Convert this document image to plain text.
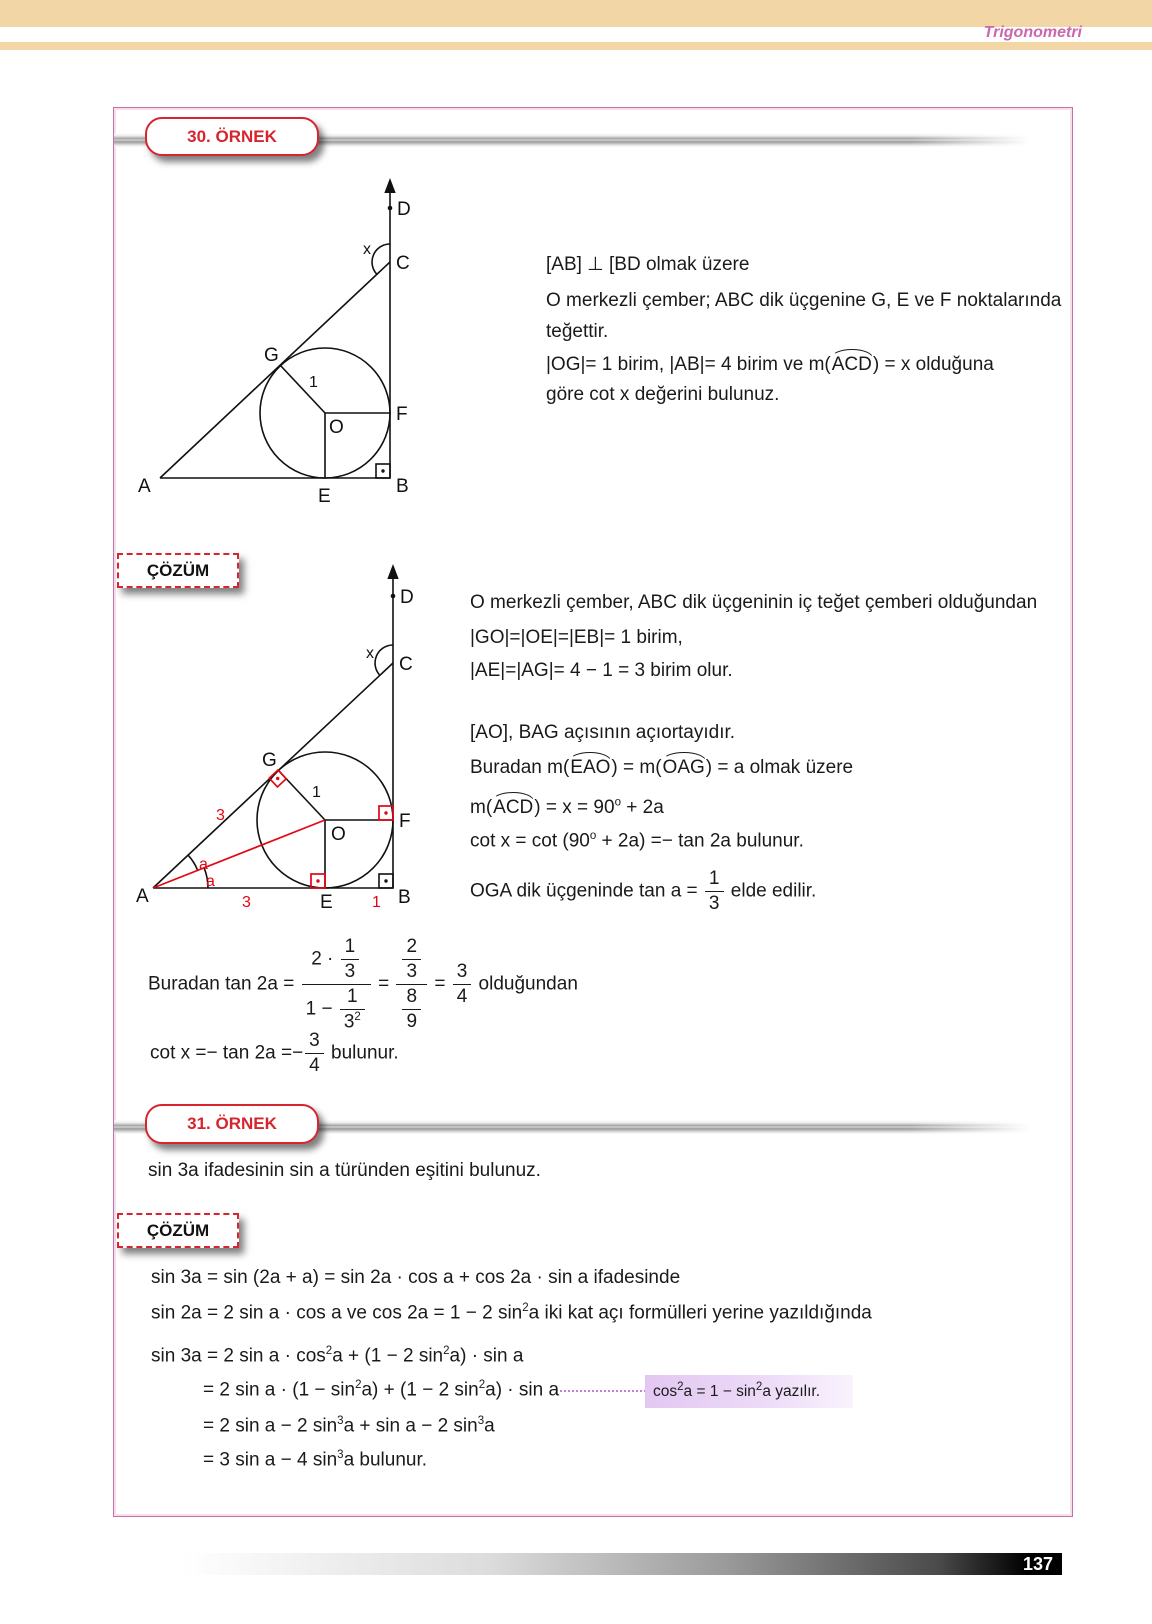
Trigonometri
30. ÖRNEK
D
C
x
G
1
O
F
A	B
E
[AB] ⊥ [BD olmak üzere
O merkezli çember; ABC dik üçgenine G, E ve F noktalarında
teğettir.
|OG|= 1 birim, |AB|= 4 birim ve m(ACD) = x olduğuna
göre cot x değerini bulunuz.
ÇÖZÜM
D
C
x
G
1
O
F
A	B
E
a
a
3
3	1
O merkezli çember, ABC dik üçgeninin iç teğet çemberi olduğundan
|GO|=|OE|=|EB|= 1 birim,
|AE|=|AG|= 4 − 1 = 3 birim olur.
[AO], BAG açısının açıortayıdır.
Buradan m(EAO) = m(OAG) = a olmak üzere
$m(ACD) = x = 90^o + 2a$
$\cot x = \cot (90^o + 2a) =- \tan 2a$ bulunur.
OGA dik üçgeninde $\tan a = \frac{1}{3}$ elde edilir.
Buradan $\tan 2a = \frac{2 \cdot \frac{1}{3}}{1 - \frac{1}{3^2}} = \frac{\frac{2}{3}}{\frac{8}{9}} = \frac{3}{4}$ olduğundan
$\cot x =- \tan 2a =- \frac{3}{4}$ bulunur.
31. ÖRNEK
sin 3a ifadesinin sin a türünden eşitini bulunuz.
ÇÖZÜM
sin 3a = sin (2a + a) = sin 2a · cos a + cos 2a · sin a ifadesinde
sin 2a = 2 sin a · cos a ve cos 2a = 1 − 2 $\sin^2a$ iki kat açı formülleri yerine yazıldığında
sin 3a = 2 $\sin a \cdot \cos^2a + (1 - 2$ $\sin^2a) \cdot \sin a$
= 2 $\sin a \cdot (1 - \sin^2a) + (1 - 2$ $\sin^2a) \cdot \sin a$
= 2 sin a − 2 $\sin^3a + \sin a - 2$ $\sin^3a$
= 3 sin a − 4 $\sin^3a$ bulunur.
$\cos^2a = 1 - \sin^2a$ yazılır.
137
